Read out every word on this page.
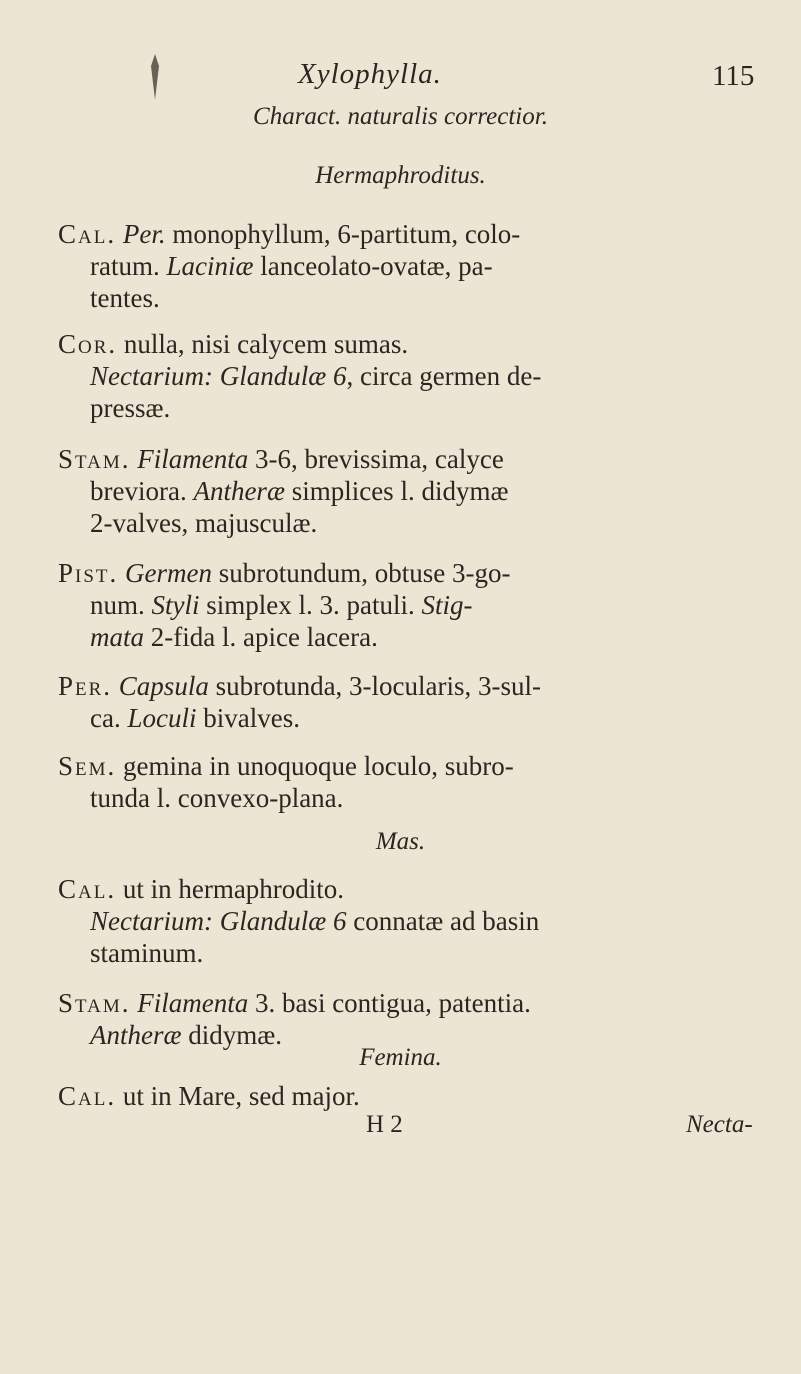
Xylophylla.	115
Charact. naturalis correctior.
Hermaphroditus.
Cal. Per. monophyllum, 6-partitum, colo-
ratum. Laciniæ lanceolato-ovatæ, pa-
tentes.
Cor. nulla, nisi calycem sumas.
Nectarium: Glandulæ 6, circa germen de-
pressæ.
Stam. Filamenta 3-6, brevissima, calyce
breviora. Antheræ simplices l. didymæ
2-valves, majusculæ.
Pist. Germen subrotundum, obtuse 3-go-
num. Styli simplex l. 3. patuli. Stig-
mata 2-fida l. apice lacera.
Per. Capsula subrotunda, 3-locularis, 3-sul-
ca. Loculi bivalves.
Sem. gemina in unoquoque loculo, subro-
tunda l. convexo-plana.
Mas.
Cal. ut in hermaphrodito.
Nectarium: Glandulæ 6 connatæ ad basin
staminum.
Stam. Filamenta 3. basi contigua, patentia.
Antheræ didymæ.
Femina.
Cal. ut in Mare, sed major.
H 2	Necta-
